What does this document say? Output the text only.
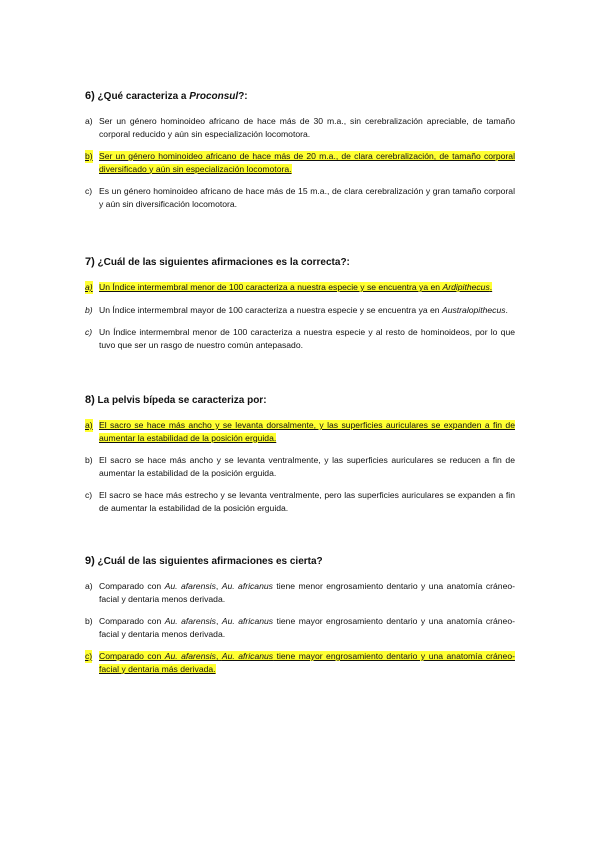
6) ¿Qué caracteriza a Proconsul?:

a) Ser un género hominoideo africano de hace más de 30 m.a., sin cerebralización apreciable, de tamaño corporal reducido y aún sin especialización locomotora.
b) Ser un género hominoideo africano de hace más de 20 m.a., de clara cerebralización, de tamaño corporal diversificado y aún sin especialización locomotora.
c) Es un género hominoideo africano de hace más de 15 m.a., de clara cerebralización y gran tamaño corporal y aún sin diversificación locomotora.

7) ¿Cuál de las siguientes afirmaciones es la correcta?:

a) Un Índice intermembral menor de 100 caracteriza a nuestra especie y se encuentra ya en Ardipithecus.
b) Un Índice intermembral mayor de 100 caracteriza a nuestra especie y se encuentra ya en Australopithecus.
c) Un Índice intermembral menor de 100 caracteriza a nuestra especie y al resto de hominoideos, por lo que tuvo que ser un rasgo de nuestro común antepasado.

8) La pelvis bípeda se caracteriza por:

a) El sacro se hace más ancho y se levanta dorsalmente, y las superficies auriculares se expanden a fin de aumentar la estabilidad de la posición erguida.
b) El sacro se hace más ancho y se levanta ventralmente, y las superficies auriculares se reducen a fin de aumentar la estabilidad de la posición erguida.
c) El sacro se hace más estrecho y se levanta ventralmente, pero las superficies auriculares se expanden a fin de aumentar la estabilidad de la posición erguida.

9) ¿Cuál de las siguientes afirmaciones es cierta?

a) Comparado con Au. afarensis, Au. africanus tiene menor engrosamiento dentario y una anatomía cráneo-facial y dentaria menos derivada.
b) Comparado con Au. afarensis, Au. africanus tiene mayor engrosamiento dentario y una anatomía cráneo-facial y dentaria menos derivada.
c) Comparado con Au. afarensis, Au. africanus tiene mayor engrosamiento dentario y una anatomía cráneo-facial y dentaria más derivada.
